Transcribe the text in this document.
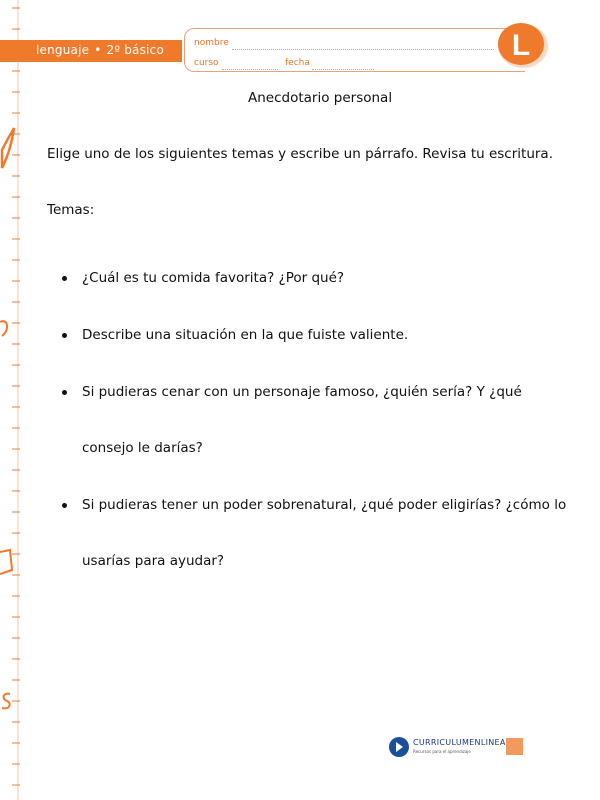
lenguaje • 2º básico	nombre
curso	fecha
L
Anecdotario personal
Elige uno de los siguientes temas y escribe un párrafo. Revisa tu escritura.
Temas:
¿Cuál es tu comida favorita? ¿Por qué?
Describe una situación en la que fuiste valiente.
Si pudieras cenar con un personaje famoso, ¿quién sería? Y ¿qué
consejo le darías?
Si pudieras tener un poder sobrenatural, ¿qué poder eligirías? ¿cómo lo
usarías para ayudar?
CURRICULUMENLINEA
Recursos para el aprendizaje
